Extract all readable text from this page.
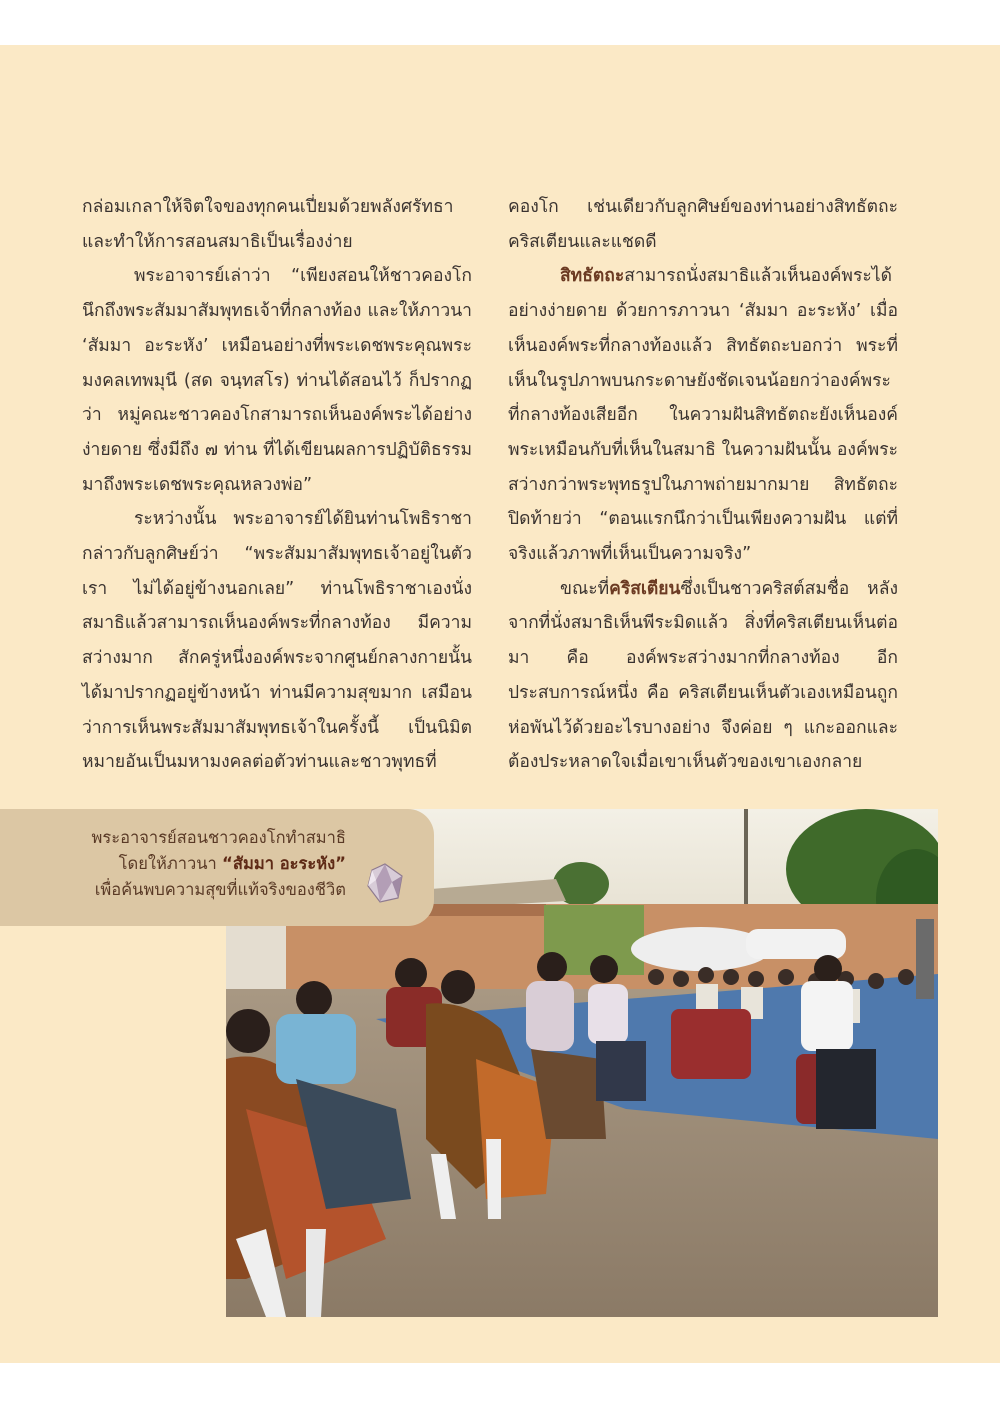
กล่อมเกลาให้จิตใจของทุกคนเปี่ยมด้วยพลังศรัทธา และทำให้การสอนสมาธิเป็นเรื่องง่าย

พระอาจารย์เล่าว่า “เพียงสอนให้ชาวคองโกนึกถึงพระสัมมาสัมพุทธเจ้าที่กลางท้อง และให้ภาวนา ‘สัมมา อะระหัง’ เหมือนอย่างที่พระเดชพระคุณพระมงคลเทพมุนี (สด จนฺทสโร) ท่านได้สอนไว้ ก็ปรากฏว่า หมู่คณะชาวคองโกสามารถเห็นองค์พระได้อย่างง่ายดาย ซึ่งมีถึง ๗ ท่าน ที่ได้เขียนผลการปฏิบัติธรรมมาถึงพระเดชพระคุณหลวงพ่อ”

ระหว่างนั้น พระอาจารย์ได้ยินท่านโพธิราชากล่าวกับลูกศิษย์ว่า “พระสัมมาสัมพุทธเจ้าอยู่ในตัวเรา ไม่ได้อยู่ข้างนอกเลย” ท่านโพธิราชาเองนั่งสมาธิแล้วสามารถเห็นองค์พระที่กลางท้อง มีความสว่างมาก สักครู่หนึ่งองค์พระจากศูนย์กลางกายนั้นได้มาปรากฏอยู่ข้างหน้า ท่านมีความสุขมาก เสมือนว่าการเห็นพระสัมมาสัมพุทธเจ้าในครั้งนี้ เป็นนิมิตหมายอันเป็นมหามงคลต่อตัวท่านและชาวพุทธที่

คองโก เช่นเดียวกับลูกศิษย์ของท่านอย่างสิทธัตถะ คริสเตียนและแชดดี

สิทธัตถะสามารถนั่งสมาธิแล้วเห็นองค์พระได้อย่างง่ายดาย ด้วยการภาวนา ‘สัมมา อะระหัง’ เมื่อเห็นองค์พระที่กลางท้องแล้ว สิทธัตถะบอกว่า พระที่เห็นในรูปภาพบนกระดาษยังชัดเจนน้อยกว่าองค์พระที่กลางท้องเสียอีก ในความฝันสิทธัตถะยังเห็นองค์พระเหมือนกับที่เห็นในสมาธิ ในความฝันนั้น องค์พระสว่างกว่าพระพุทธรูปในภาพถ่ายมากมาย สิทธัตถะปิดท้ายว่า “ตอนแรกนึกว่าเป็นเพียงความฝัน แต่ที่จริงแล้วภาพที่เห็นเป็นความจริง”

ขณะที่คริสเตียนซึ่งเป็นชาวคริสต์สมชื่อ หลังจากที่นั่งสมาธิเห็นพีระมิดแล้ว สิ่งที่คริสเตียนเห็นต่อมา คือ องค์พระสว่างมากที่กลางท้อง อีกประสบการณ์หนึ่ง คือ คริสเตียนเห็นตัวเองเหมือนถูกห่อพันไว้ด้วยอะไรบางอย่าง จึงค่อย ๆ แกะออกและต้องประหลาดใจเมื่อเขาเห็นตัวของเขาเองกลาย

พระอาจารย์สอนชาวคองโกทำสมาธิ
โดยให้ภาวนา “สัมมา อะระหัง”
เพื่อค้นพบความสุขที่แท้จริงของชีวิต
